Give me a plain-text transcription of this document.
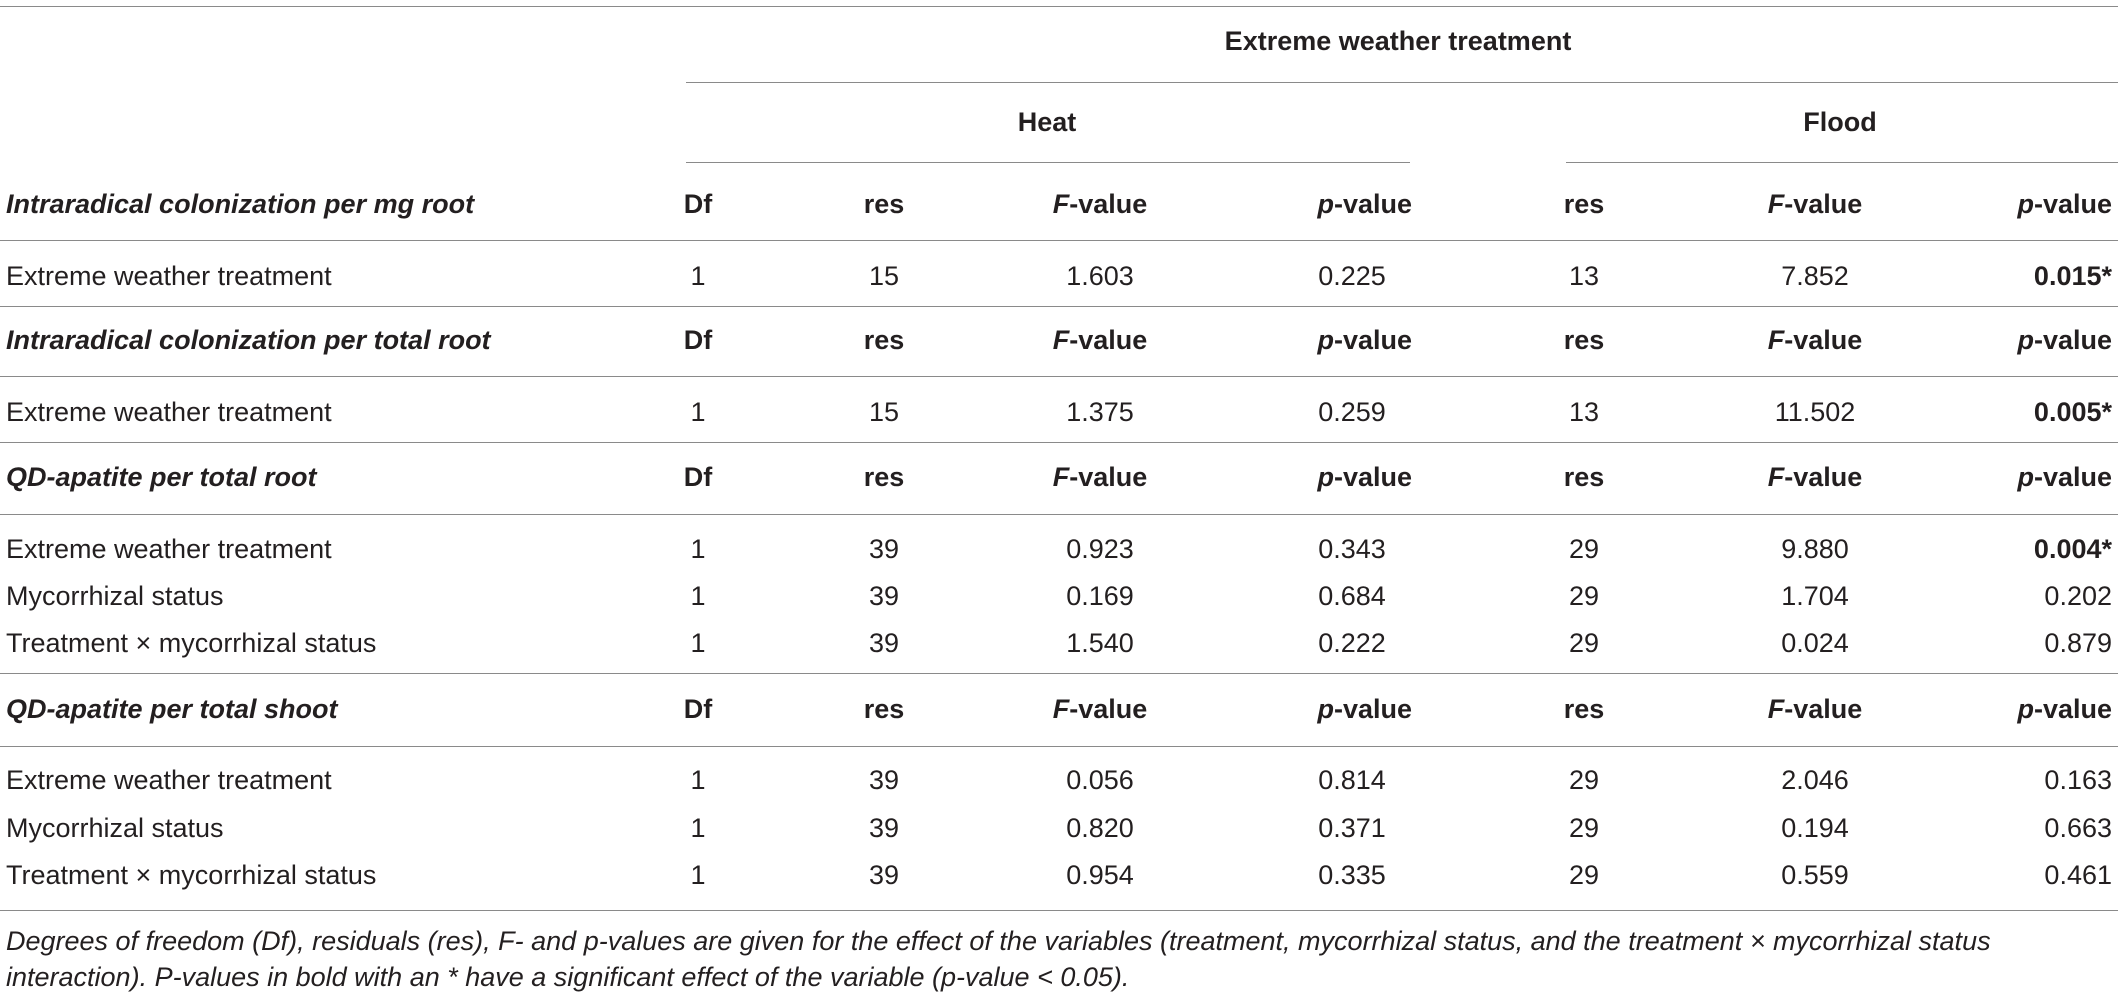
Extreme weather treatment
Heat	Flood
Intraradical colonization per mg root	Df	res	F-value	p-value	res	F-value	p-value
Extreme weather treatment	1	15	1.603	0.225	13	7.852	0.015*
Intraradical colonization per total root	Df	res	F-value	p-value	res	F-value	p-value
Extreme weather treatment	1	15	1.375	0.259	13	11.502	0.005*
QD-apatite per total root	Df	res	F-value	p-value	res	F-value	p-value
Extreme weather treatment	1	39	0.923	0.343	29	9.880	0.004*
Mycorrhizal status	1	39	0.169	0.684	29	1.704	0.202
Treatment × mycorrhizal status	1	39	1.540	0.222	29	0.024	0.879
QD-apatite per total shoot	Df	res	F-value	p-value	res	F-value	p-value
Extreme weather treatment	1	39	0.056	0.814	29	2.046	0.163
Mycorrhizal status	1	39	0.820	0.371	29	0.194	0.663
Treatment × mycorrhizal status	1	39	0.954	0.335	29	0.559	0.461
Degrees of freedom (Df), residuals (res), F- and p-values are given for the effect of the variables (treatment, mycorrhizal status, and the treatment × mycorrhizal status interaction). P-values in bold with an * have a significant effect of the variable (p-value < 0.05).
